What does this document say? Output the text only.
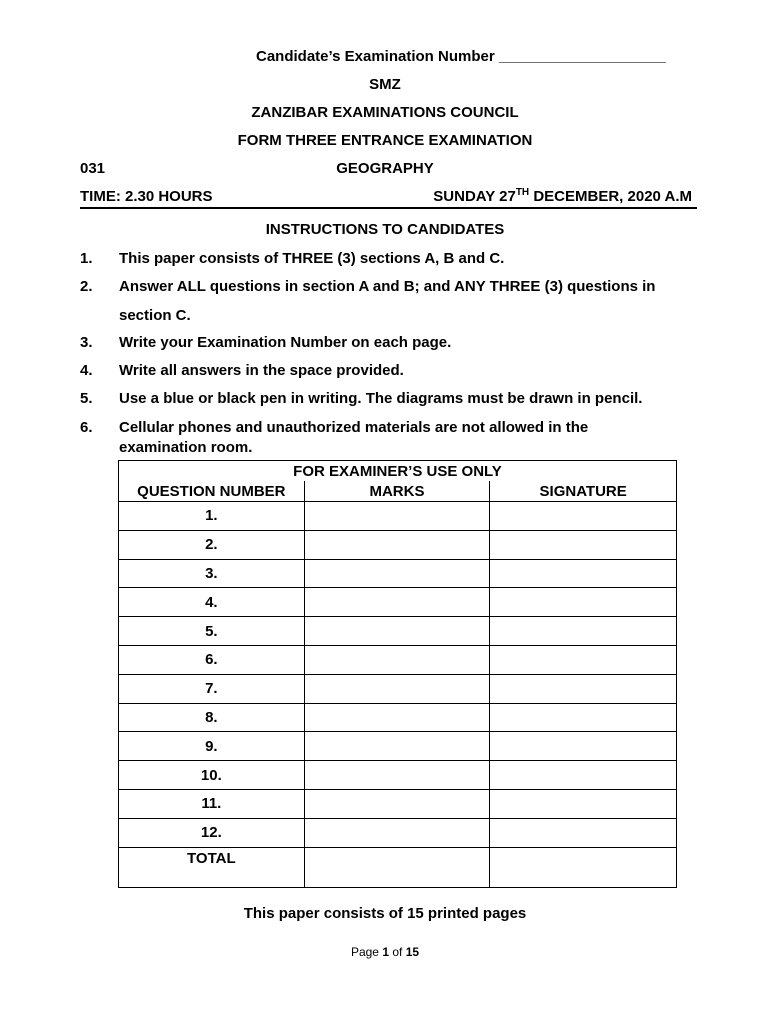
Candidate’s Examination Number ____________________
SMZ
ZANZIBAR EXAMINATIONS COUNCIL
FORM THREE ENTRANCE EXAMINATION
031	GEOGRAPHY
TIME: 2.30 HOURS	SUNDAY 27TH DECEMBER, 2020 A.M
INSTRUCTIONS TO CANDIDATES
1. This paper consists of THREE (3) sections A, B and C.
2. Answer ALL questions in section A and B; and ANY THREE (3) questions in
section C.
3. Write your Examination Number on each page.
4. Write all answers in the space provided.
5. Use a blue or black pen in writing. The diagrams must be drawn in pencil.
6. Cellular phones and unauthorized materials are not allowed in the
examination room.
FOR EXAMINER’S USE ONLY		
QUESTION NUMBER	MARKS	SIGNATURE
1.		
2.		
3.		
4.		
5.		
6.		
7.		
8.		
9.		
10.		
11.		
12.		
TOTAL		
This paper consists of 15 printed pages
Page 1 of 15
